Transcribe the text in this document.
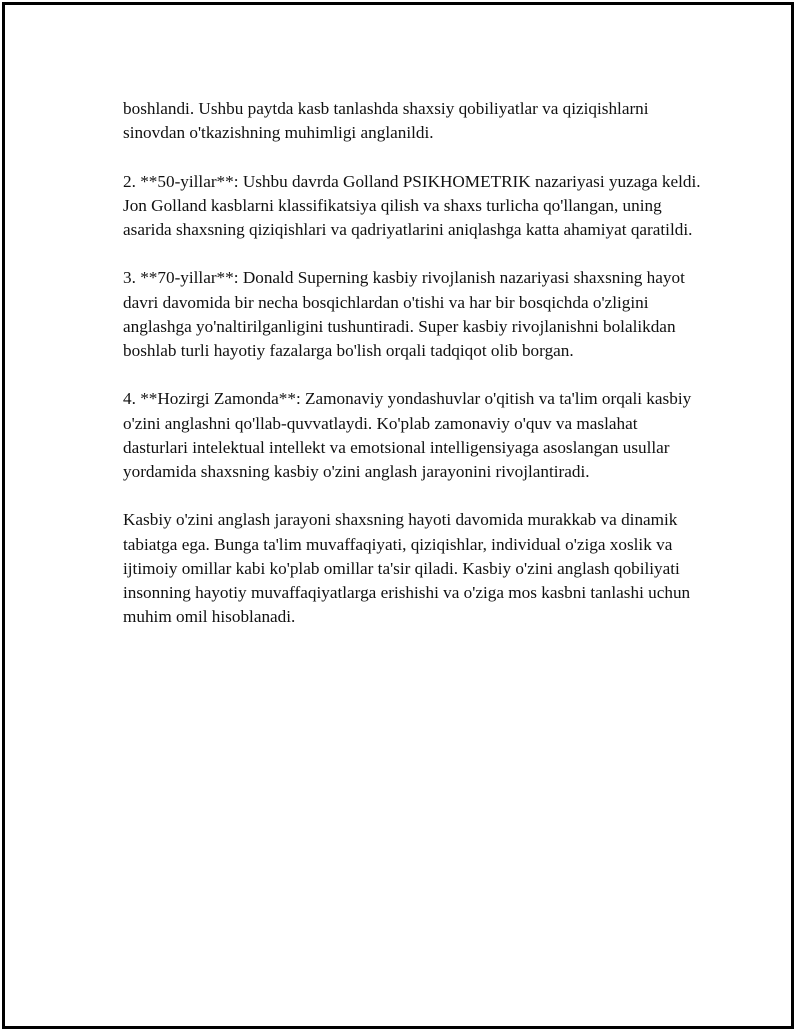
boshlandi. Ushbu paytda kasb tanlashda shaxsiy qobiliyatlar va qiziqishlarni sinovdan o'tkazishning muhimligi anglanildi.

2. **50-yillar**: Ushbu davrda Golland PSIKHOMETRIK nazariyasi yuzaga keldi. Jon Golland kasblarni klassifikatsiya qilish va shaxs turlicha qo'llangan, uning asarida shaxsning qiziqishlari va qadriyatlarini aniqlashga katta ahamiyat qaratildi.

3. **70-yillar**: Donald Superning kasbiy rivojlanish nazariyasi shaxsning hayot davri davomida bir necha bosqichlardan o'tishi va har bir bosqichda o'zligini anglashga yo'naltirilganligini tushuntiradi. Super kasbiy rivojlanishni bolalikdan boshlab turli hayotiy fazalarga bo'lish orqali tadqiqot olib borgan.

4. **Hozirgi Zamonda**: Zamonaviy yondashuvlar o'qitish va ta'lim orqali kasbiy o'zini anglashni qo'llab-quvvatlaydi. Ko'plab zamonaviy o'quv va maslahat dasturlari intelektual intellekt va emotsional intelligensiyaga asoslangan usullar yordamida shaxsning kasbiy o'zini anglash jarayonini rivojlantiradi.

Kasbiy o'zini anglash jarayoni shaxsning hayoti davomida murakkab va dinamik tabiatga ega. Bunga ta'lim muvaffaqiyati, qiziqishlar, individual o'ziga xoslik va ijtimoiy omillar kabi ko'plab omillar ta'sir qiladi. Kasbiy o'zini anglash qobiliyati insonning hayotiy muvaffaqiyatlarga erishishi va o'ziga mos kasbni tanlashi uchun muhim omil hisoblanadi.
